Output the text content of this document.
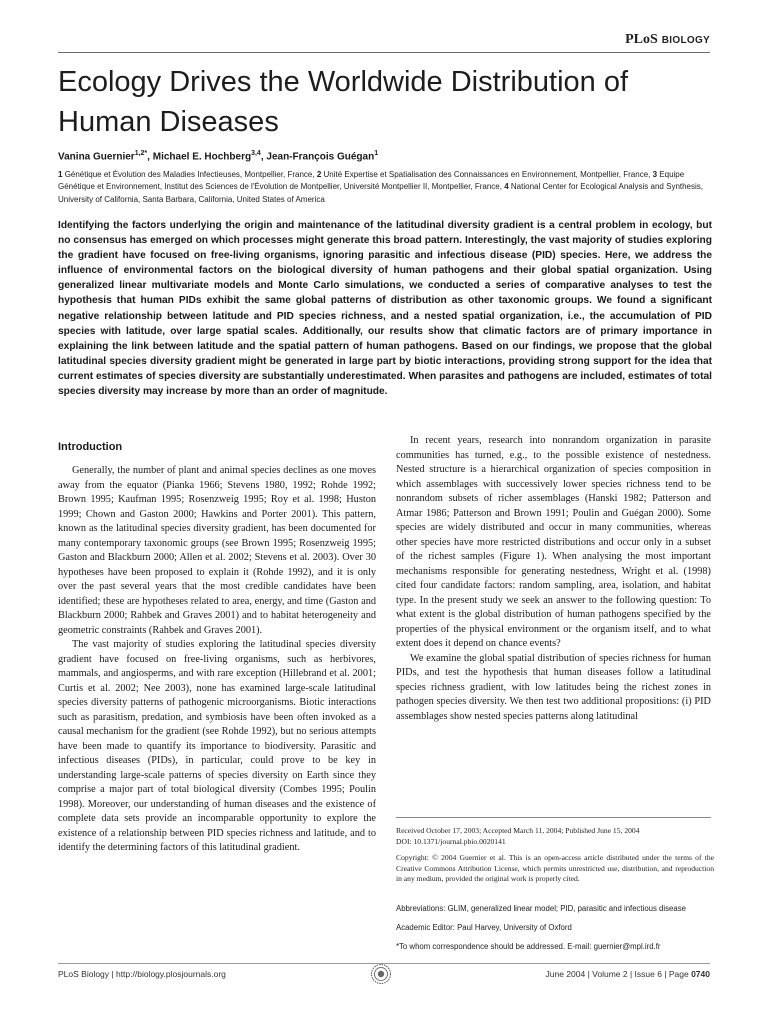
PLoS BIOLOGY
Ecology Drives the Worldwide Distribution of Human Diseases
Vanina Guernier$^{1,2*}$, Michael E. Hochberg$^{3,4}$, Jean-François Guégan$^1$
1 Génétique et Évolution des Maladies Infectieuses, Montpellier, France, 2 Unité Expertise et Spatialisation des Connaissances en Environnement, Montpellier, France, 3 Equipe Génétique et Environnement, Institut des Sciences de l'Évolution de Montpellier, Université Montpellier II, Montpellier, France, 4 National Center for Ecological Analysis and Synthesis, University of California, Santa Barbara, California, United States of America

Identifying the factors underlying the origin and maintenance of the latitudinal diversity gradient is a central problem in ecology, but no consensus has emerged on which processes might generate this broad pattern. Interestingly, the vast majority of studies exploring the gradient have focused on free-living organisms, ignoring parasitic and infectious disease (PID) species. Here, we address the influence of environmental factors on the biological diversity of human pathogens and their global spatial organization. Using generalized linear multivariate models and Monte Carlo simulations, we conducted a series of comparative analyses to test the hypothesis that human PIDs exhibit the same global patterns of distribution as other taxonomic groups. We found a significant negative relationship between latitude and PID species richness, and a nested spatial organization, i.e., the accumulation of PID species with latitude, over large spatial scales. Additionally, our results show that climatic factors are of primary importance in explaining the link between latitude and the spatial pattern of human pathogens. Based on our findings, we propose that the global latitudinal species diversity gradient might be generated in large part by biotic interactions, providing strong support for the idea that current estimates of species diversity are substantially underestimated. When parasites and pathogens are included, estimates of total species diversity may increase by more than an order of magnitude.

Introduction

Generally, the number of plant and animal species declines as one moves away from the equator (Pianka 1966; Stevens 1980, 1992; Rohde 1992; Brown 1995; Kaufman 1995; Rosenzweig 1995; Roy et al. 1998; Huston 1999; Chown and Gaston 2000; Hawkins and Porter 2001). This pattern, known as the latitudinal species diversity gradient, has been documented for many contemporary taxonomic groups (see Brown 1995; Rosenzweig 1995; Gaston and Blackburn 2000; Allen et al. 2002; Stevens et al. 2003). Over 30 hypotheses have been proposed to explain it (Rohde 1992), and it is only over the past several years that the most credible candidates have been identified; these are hypotheses related to area, energy, and time (Gaston and Blackburn 2000; Rahbek and Graves 2001) and to habitat heterogeneity and geometric constraints (Rahbek and Graves 2001).

The vast majority of studies exploring the latitudinal species diversity gradient have focused on free-living organisms, such as herbivores, mammals, and angiosperms, and with rare exception (Hillebrand et al. 2001; Curtis et al. 2002; Nee 2003), none has examined large-scale latitudinal species diversity patterns of pathogenic microorganisms. Biotic interactions such as parasitism, predation, and symbiosis have been often invoked as a causal mechanism for the gradient (see Rohde 1992), but no serious attempts have been made to quantify its importance to biodiversity. Parasitic and infectious diseases (PIDs), in particular, could prove to be key in understanding large-scale patterns of species diversity on Earth since they comprise a major part of total biological diversity (Combes 1995; Poulin 1998). Moreover, our understanding of human diseases and the existence of complete data sets provide an incomparable opportunity to explore the existence of a relationship between PID species richness and latitude, and to identify the determining factors of this latitudinal gradient.

In recent years, research into nonrandom organization in parasite communities has turned, e.g., to the possible existence of nestedness. Nested structure is a hierarchical organization of species composition in which assemblages with successively lower species richness tend to be nonrandom subsets of richer assemblages (Hanski 1982; Patterson and Atmar 1986; Patterson and Brown 1991; Poulin and Guégan 2000). Some species are widely distributed and occur in many communities, whereas other species have more restricted distributions and occur only in a subset of the richest samples (Figure 1). When analysing the most important mechanisms responsible for generating nestedness, Wright et al. (1998) cited four candidate factors: random sampling, area, isolation, and habitat type. In the present study we seek an answer to the following question: To what extent is the global distribution of human pathogens specified by the properties of the physical environment or the organism itself, and to what extent does it depend on chance events?

We examine the global spatial distribution of species richness for human PIDs, and test the hypothesis that human diseases follow a latitudinal species richness gradient, with low latitudes being the richest zones in pathogen species diversity. We then test two additional propositions: (i) PID assemblages show nested species patterns along latitudinal

Received October 17, 2003; Accepted March 11, 2004; Published June 15, 2004
DOI: 10.1371/journal.pbio.0020141
Copyright: © 2004 Guernier et al. This is an open-access article distributed under the terms of the Creative Commons Attribution License, which permits unrestricted use, distribution, and reproduction in any medium, provided the original work is properly cited.
Abbreviations: GLIM, generalized linear model; PID, parasitic and infectious disease
Academic Editor: Paul Harvey, University of Oxford
*To whom correspondence should be addressed. E-mail: guernier@mpl.ird.fr
PLoS Biology | http://biology.plosjournals.org	June 2004 | Volume 2 | Issue 6 | Page 0740
